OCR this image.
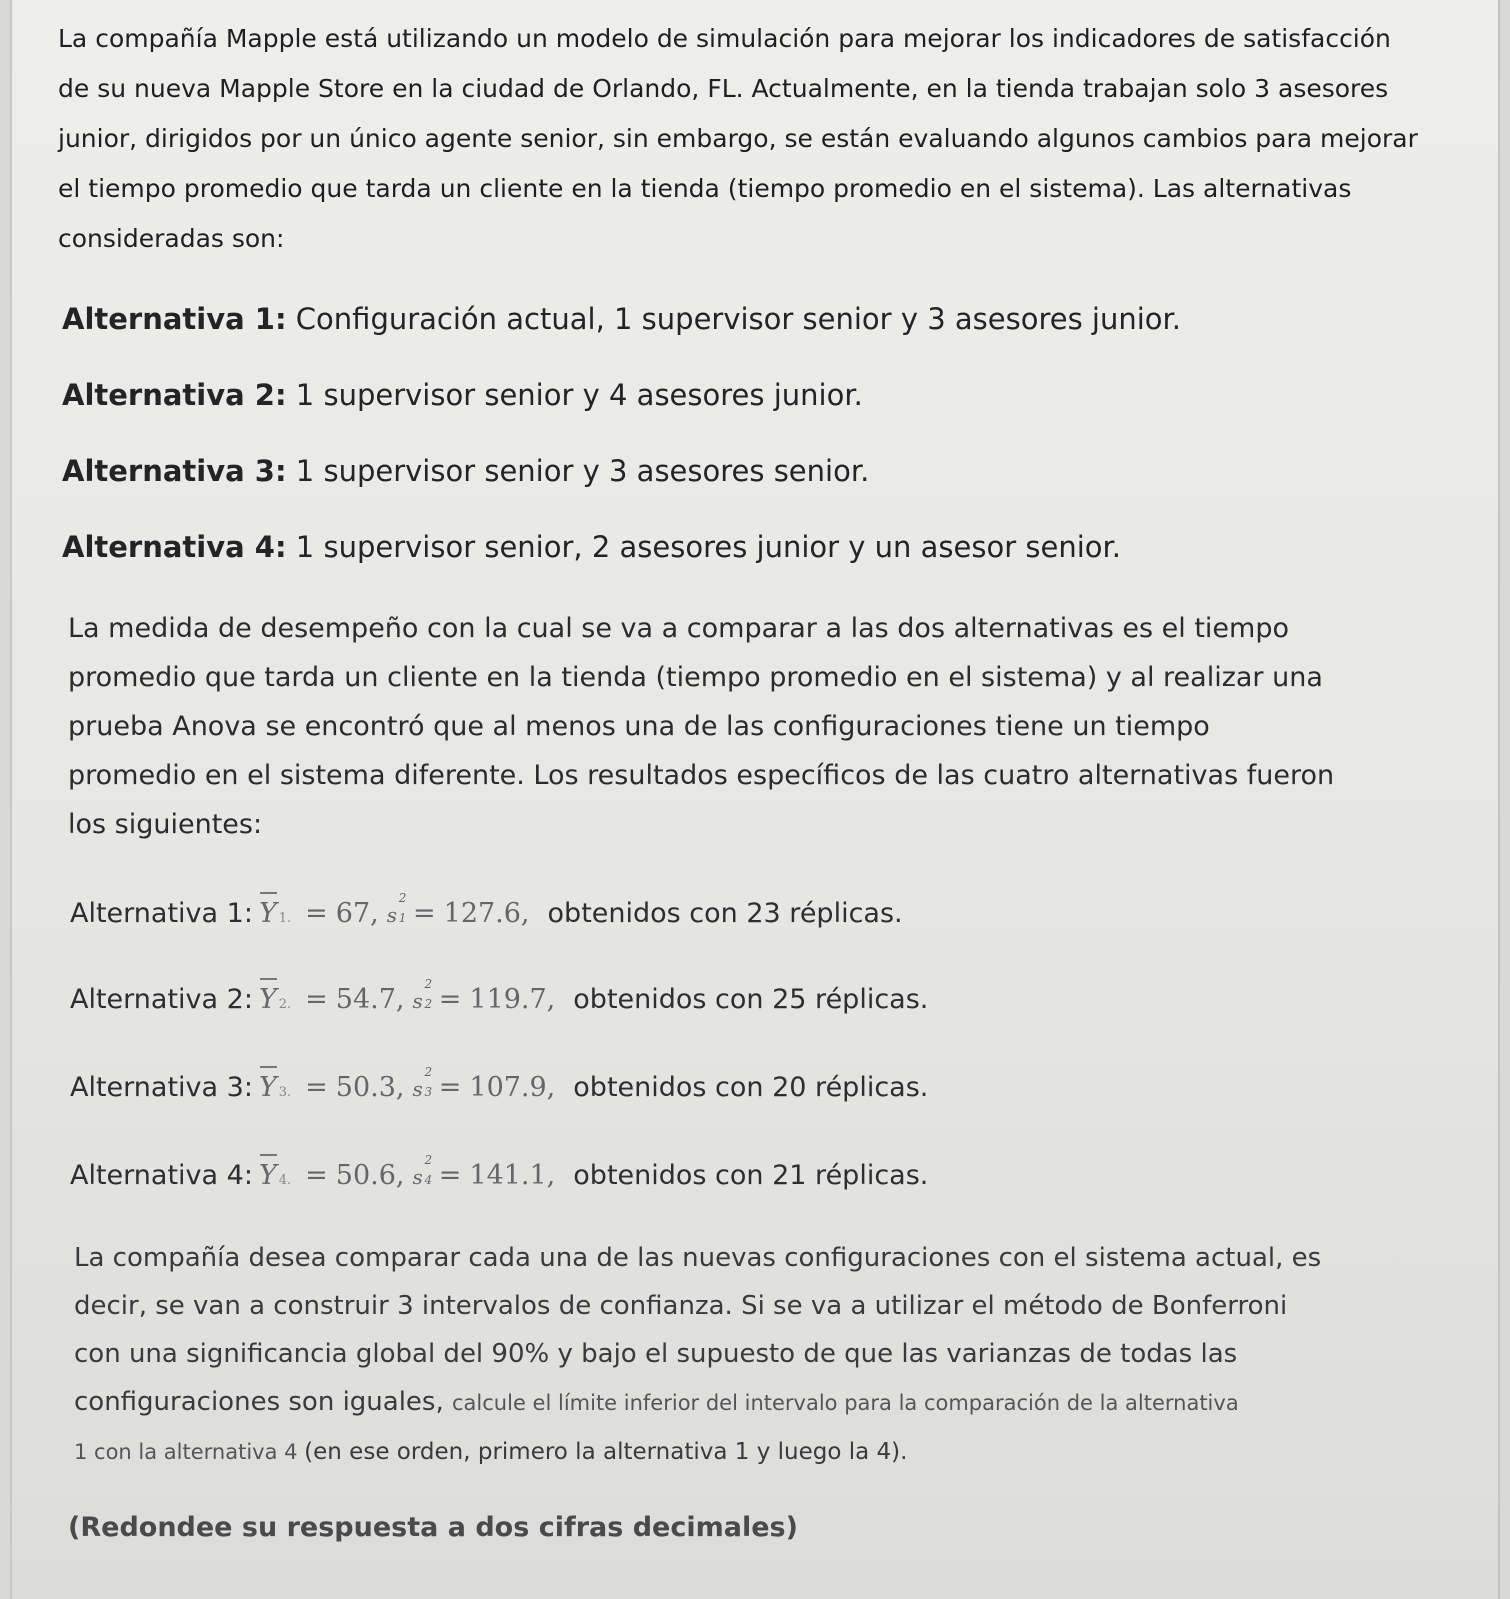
La compañía Mapple está utilizando un modelo de simulación para mejorar los indicadores de satisfacción

de su nueva Mapple Store en la ciudad de Orlando, FL. Actualmente, en la tienda trabajan solo 3 asesores

junior, dirigidos por un único agente senior, sin embargo, se están evaluando algunos cambios para mejorar

el tiempo promedio que tarda un cliente en la tienda (tiempo promedio en el sistema). Las alternativas

consideradas son:

Alternativa 1: Configuración actual, 1 supervisor senior y 3 asesores junior.
Alternativa 2: 1 supervisor senior y 4 asesores junior.
Alternativa 3: 1 supervisor senior y 3 asesores senior.
Alternativa 4: 1 supervisor senior, 2 asesores junior y un asesor senior.

La medida de desempeño con la cual se va a comparar a las dos alternativas es el tiempo

promedio que tarda un cliente en la tienda (tiempo promedio en el sistema) y al realizar una

prueba Anova se encontró que al menos una de las configuraciones tiene un tiempo

promedio en el sistema diferente. Los resultados específicos de las cuatro alternativas fueron

los siguientes:

Alternativa 1: Y 1. = 67, s
2
1 = 127.6, obtenidos con 23 réplicas.
Alternativa 2: Y 2. = 54.7, s
2
2 = 119.7, obtenidos con 25 réplicas.
Alternativa 3: Y 3. = 50.3, s
2
3 = 107.9, obtenidos con 20 réplicas.
Alternativa 4: Y 4. = 50.6, s
2
4 = 141.1, obtenidos con 21 réplicas.

La compañía desea comparar cada una de las nuevas configuraciones con el sistema actual, es

decir, se van a construir 3 intervalos de confianza. Si se va a utilizar el método de Bonferroni

con una significancia global del 90% y bajo el supuesto de que las varianzas de todas las

configuraciones son iguales, calcule el límite inferior del intervalo para la comparación de la alternativa

1 con la alternativa 4 (en ese orden, primero la alternativa 1 y luego la 4).

(Redondee su respuesta a dos cifras decimales)
